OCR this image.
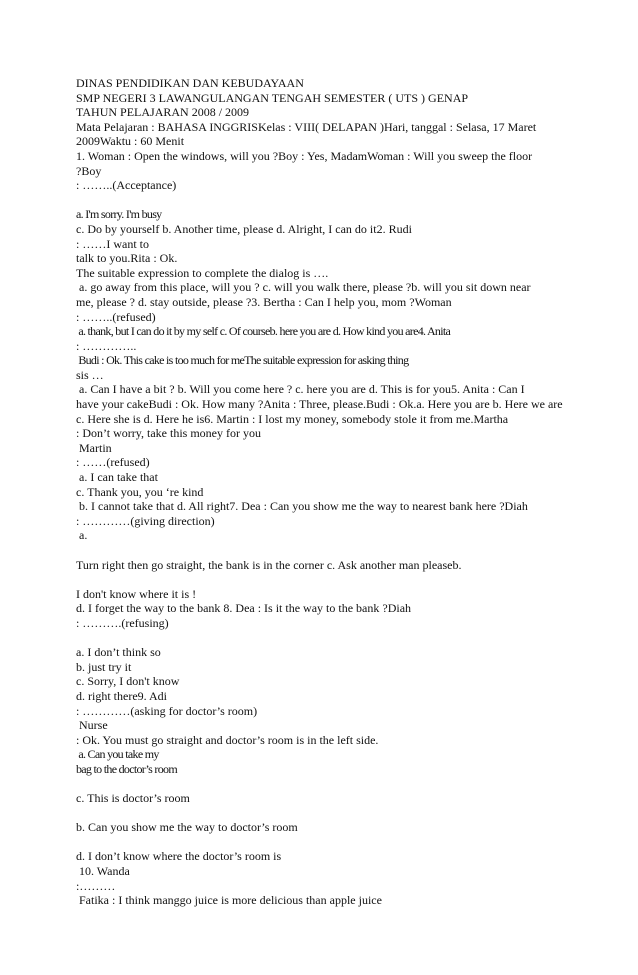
DINAS PENDIDIKAN DAN KEBUDAYAAN
SMP NEGERI 3 LAWANGULANGAN TENGAH SEMESTER ( UTS ) GENAP
TAHUN PELAJARAN 2008 / 2009
Mata Pelajaran : BAHASA INGGRISKelas : VIII( DELAPAN )Hari, tanggal : Selasa, 17 Maret
2009Waktu : 60 Menit
1. Woman : Open the windows, will you ?Boy : Yes, MadamWoman : Will you sweep the floor
?Boy
: ……..(Acceptance)
a. I'm sorry. I'm busy
c. Do by yourself b. Another time, please d. Alright, I can do it2. Rudi
: ……I want to
talk to you.Rita : Ok.
The suitable expression to complete the dialog is ….
a. go away from this place, will you ? c. will you walk there, please ?b. will you sit down near
me, please ? d. stay outside, please ?3. Bertha : Can I help you, mom ?Woman
: ……..(refused)
a. thank, but I can do it by my self c. Of courseb. here you are d. How kind you are4. Anita
: …………..
Budi : Ok. This cake is too much for meThe suitable expression for asking thing
sis …
a. Can I have a bit ? b. Will you come here ? c. here you are d. This is for you5. Anita : Can I
have your cakeBudi : Ok. How many ?Anita : Three, please.Budi : Ok.a. Here you are b. Here we are
c. Here she is d. Here he is6. Martin : I lost my money, somebody stole it from me.Martha
: Don’t worry, take this money for you
Martin
: ……(refused)
a. I can take that
c. Thank you, you ‘re kind
b. I cannot take that d. All right7. Dea : Can you show me the way to nearest bank here ?Diah
: …………(giving direction)
a.
Turn right then go straight, the bank is in the corner c. Ask another man pleaseb.
I don't know where it is !
d. I forget the way to the bank 8. Dea : Is it the way to the bank ?Diah
: ……….(refusing)
a. I don’t think so
b. just try it
c. Sorry, I don't know
d. right there9. Adi
: …………(asking for doctor’s room)
Nurse
: Ok. You must go straight and doctor’s room is in the left side.
a. Can you take my
bag to the doctor’s room
c. This is doctor’s room
b. Can you show me the way to doctor’s room
d. I don’t know where the doctor’s room is
10. Wanda
:………
Fatika : I think manggo juice is more delicious than apple juice
